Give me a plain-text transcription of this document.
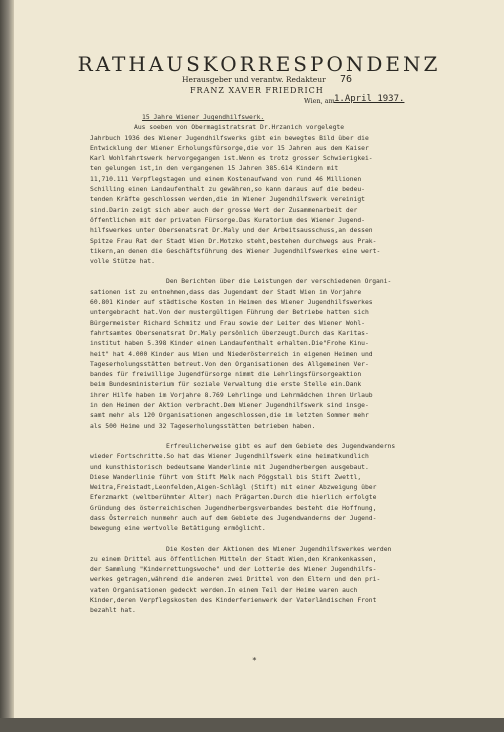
RATHAUSKORRESPONDENZ
Herausgeber und verantw. Redakteur 76
FRANZ XAVER FRIEDRICH
Wien, am 1.April 1937.
15 Jahre Wiener Jugendhilfswerk.
Aus soeben von Obermagistratsrat Dr.Hrzanich vorgelegte
Jahrbuch 1936 des Wiener Jugendhilfswerks gibt ein bewegtes Bild über die
Entwicklung der Wiener Erholungsfürsorge,die vor 15 Jahren aus dem Kaiser
Karl Wohlfahrtswerk hervorgegangen ist.Wenn es trotz grosser Schwierigkei-
ten gelungen ist,in den vergangenen 15 Jahren 385.614 Kindern mit
11,710.111 Verpflegstagen und einem Kostenaufwand von rund 46 Millionen
Schilling einen Landaufenthalt zu gewähren,so kann daraus auf die bedeu-
tenden Kräfte geschlossen werden,die im Wiener Jugendhilfswerk vereinigt
sind.Darin zeigt sich aber auch der grosse Wert der Zusammenarbeit der
öffentlichen mit der privaten Fürsorge.Das Kuratorium des Wiener Jugend-
hilfswerkes unter Obersenatsrat Dr.Maly und der Arbeitsausschuss,an dessen
Spitze Frau Rat der Stadt Wien Dr.Motzko steht,bestehen durchwegs aus Prak-
tikern,an denen die Geschäftsführung des Wiener Jugendhilfswerkes eine wert-
volle Stütze hat.
Den Berichten über die Leistungen der verschiedenen Organi-
sationen ist zu entnehmen,dass das Jugendamt der Stadt Wien im Vorjahre
60.801 Kinder auf städtische Kosten in Heimen des Wiener Jugendhilfswerkes
untergebracht hat.Von der mustergültigen Führung der Betriebe hatten sich
Bürgermeister Richard Schmitz und Frau sowie der Leiter des Wiener Wohl-
fahrtsamtes Obersenatsrat Dr.Maly persönlich überzeugt.Durch das Karitas-
institut haben 5.398 Kinder einen Landaufenthalt erhalten.Die"Frohe Kinu-
heit" hat 4.000 Kinder aus Wien und Niederösterreich in eigenen Heimen und
Tageserholungsstätten betreut.Von den Organisationen des Allgemeinen Ver-
bandes für freiwillige Jugendfürsorge nimmt die Lehrlingsfürsorgeaktion
beim Bundesministerium für soziale Verwaltung die erste Stelle ein.Dank
ihrer Hilfe haben im Vorjahre 8.769 Lehrlinge und Lehrmädchen ihren Urlaub
in den Heimen der Aktion verbracht.Dem Wiener Jugendhilfswerk sind insge-
samt mehr als 120 Organisationen angeschlossen,die im letzten Sommer mehr
als 500 Heime und 32 Tageserholungsstätten betrieben haben.
Erfreulicherweise gibt es auf dem Gebiete des Jugendwanderns
wieder Fortschritte.So hat das Wiener Jugendhilfswerk eine heimatkundlich
und kunsthistorisch bedeutsame Wanderlinie mit Jugendherbergen ausgebaut.
Diese Wanderlinie führt vom Stift Melk nach Pöggstall bis Stift Zwettl,
Weitra,Freistadt,Leonfelden,Aigen-Schlägl (Stift) mit einer Abzweigung über
Eferzmarkt (weltberühmter Alter) nach Prägarten.Durch die hierlich erfolgte
Gründung des österreichischen Jugendherbergsverbandes besteht die Hoffnung,
dass Österreich nunmehr auch auf dem Gebiete des Jugendwanderns der Jugend-
bewegung eine wertvolle Betätigung ermöglicht.
Die Kosten der Aktionen des Wiener Jugendhilfswerkes werden
zu einem Drittel aus öffentlichen Mitteln der Stadt Wien,den Krankenkassen,
der Sammlung "Kinderrettungswoche" und der Lotterie des Wiener Jugendhilfs-
werkes getragen,während die anderen zwei Drittel von den Eltern und den pri-
vaten Organisationen gedeckt werden.In einem Teil der Heime waren auch
Kinder,deren Verpflegskosten des Kinderferienwerk der Vaterländischen Front
bezahlt hat.
*
